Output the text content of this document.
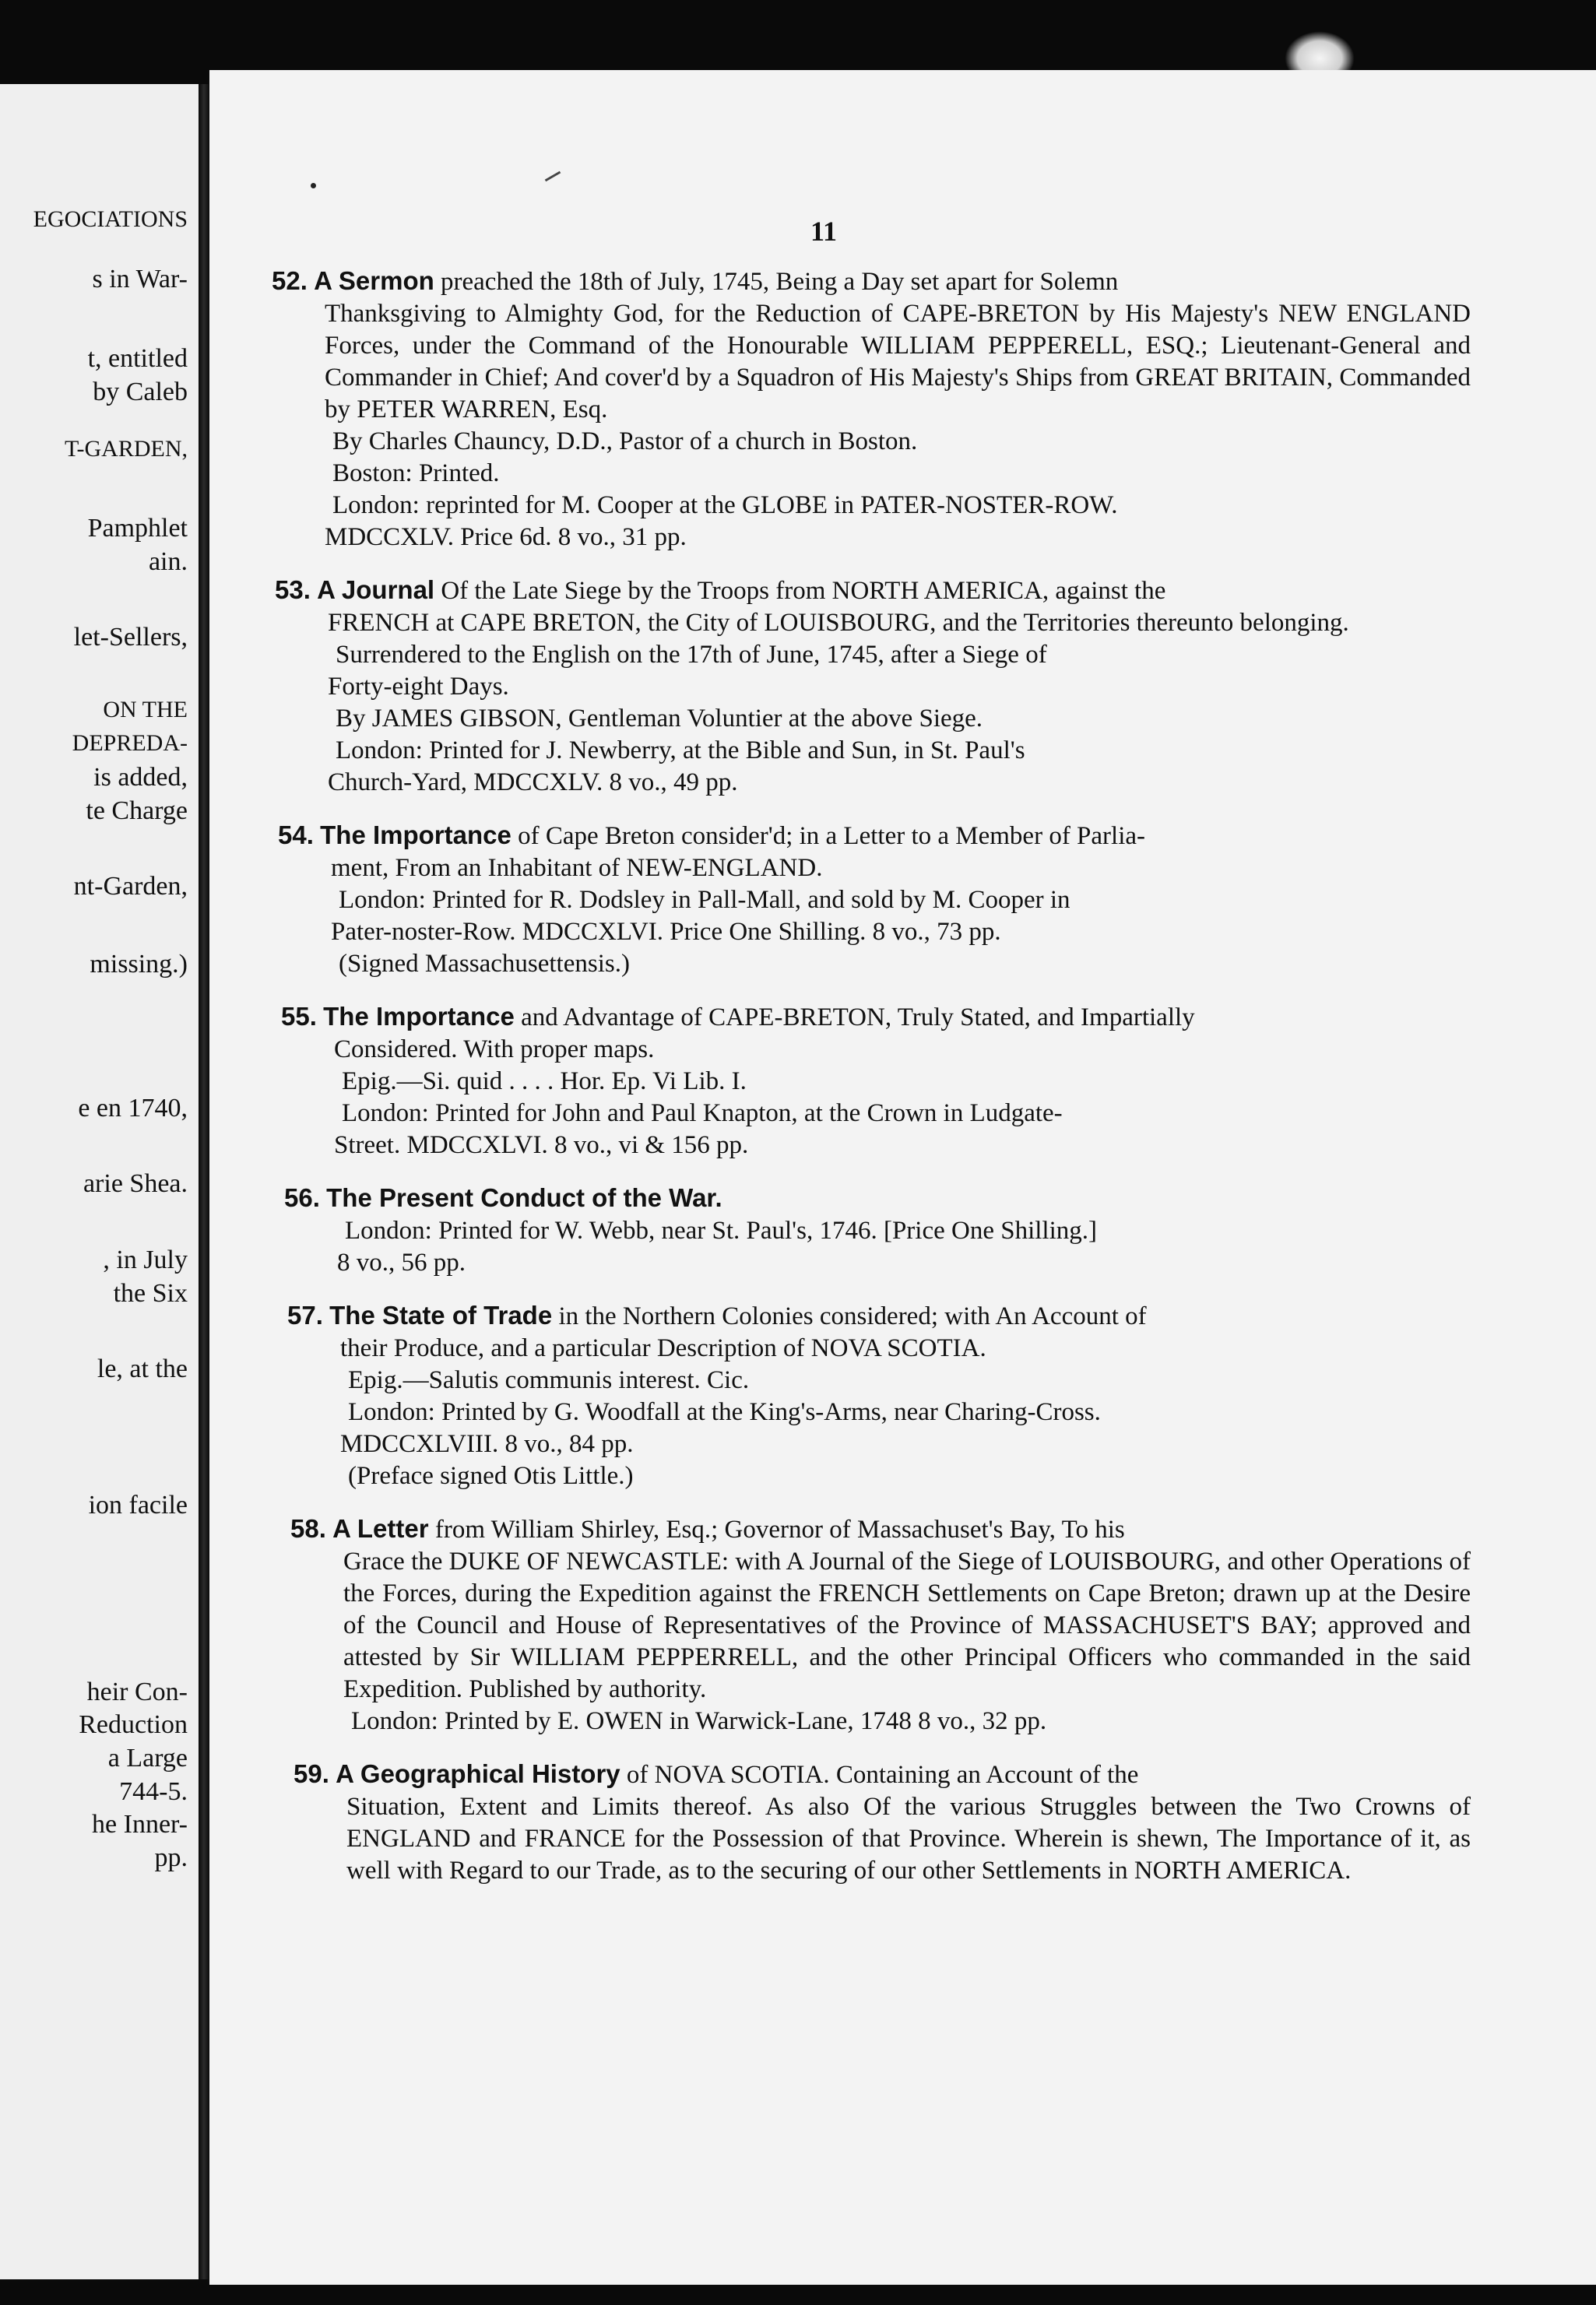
EGOCIATIONS
s in War-
t, entitled
by Caleb
T-GARDEN,
Pamphlet
ain.
let-Sellers,
ON THE
DEPREDA-
is added,
te Charge
nt-Garden,
missing.)
e en 1740,
arie Shea.
, in July
the Six
le, at the
ion facile
heir Con-
Reduction
a Large
744-5.
he Inner-
pp.
11
52. A Sermon preached the 18th of July, 1745, Being a Day set apart for Solemn
Thanksgiving to Almighty God, for the Reduction of CAPE-BRETON by His Majesty's NEW ENGLAND Forces, under the Command of the Honourable WILLIAM PEPPERELL, ESQ.; Lieutenant-General and Commander in Chief; And cover'd by a Squadron of His Majesty's Ships from GREAT BRITAIN, Commanded by PETER WARREN, Esq.
By Charles Chauncy, D.D., Pastor of a church in Boston.
Boston: Printed.
London: reprinted for M. Cooper at the GLOBE in PATER-NOSTER-ROW.
MDCCXLV. Price 6d. 8 vo., 31 pp.
53. A Journal Of the Late Siege by the Troops from NORTH AMERICA, against the
FRENCH at CAPE BRETON, the City of LOUISBOURG, and the Territories thereunto belonging.
Surrendered to the English on the 17th of June, 1745, after a Siege of
Forty-eight Days.
By JAMES GIBSON, Gentleman Voluntier at the above Siege.
London: Printed for J. Newberry, at the Bible and Sun, in St. Paul's
Church-Yard, MDCCXLV. 8 vo., 49 pp.
54. The Importance of Cape Breton consider'd; in a Letter to a Member of Parlia-
ment, From an Inhabitant of NEW-ENGLAND.
London: Printed for R. Dodsley in Pall-Mall, and sold by M. Cooper in
Pater-noster-Row. MDCCXLVI. Price One Shilling. 8 vo., 73 pp.
(Signed Massachusettensis.)
55. The Importance and Advantage of CAPE-BRETON, Truly Stated, and Impartially
Considered. With proper maps.
Epig.—Si. quid . . . . Hor. Ep. Vi Lib. I.
London: Printed for John and Paul Knapton, at the Crown in Ludgate-
Street. MDCCXLVI. 8 vo., vi & 156 pp.
56. The Present Conduct of the War.
London: Printed for W. Webb, near St. Paul's, 1746. [Price One Shilling.]
8 vo., 56 pp.
57. The State of Trade in the Northern Colonies considered; with An Account of
their Produce, and a particular Description of NOVA SCOTIA.
Epig.—Salutis communis interest. Cic.
London: Printed by G. Woodfall at the King's-Arms, near Charing-Cross.
MDCCXLVIII. 8 vo., 84 pp.
(Preface signed Otis Little.)
58. A Letter from William Shirley, Esq.; Governor of Massachuset's Bay, To his
Grace the DUKE OF NEWCASTLE: with A Journal of the Siege of LOUISBOURG, and other Operations of the Forces, during the Expedition against the FRENCH Settlements on Cape Breton; drawn up at the Desire of the Council and House of Representatives of the Province of MASSACHUSET'S BAY; approved and attested by Sir WILLIAM PEPPERRELL, and the other Principal Officers who commanded in the said Expedition. Published by authority.
London: Printed by E. OWEN in Warwick-Lane, 1748 8 vo., 32 pp.
59. A Geographical History of NOVA SCOTIA. Containing an Account of the
Situation, Extent and Limits thereof. As also Of the various Struggles between the Two Crowns of ENGLAND and FRANCE for the Possession of that Province. Wherein is shewn, The Importance of it, as well with Regard to our Trade, as to the securing of our other Settlements in NORTH AMERICA.
